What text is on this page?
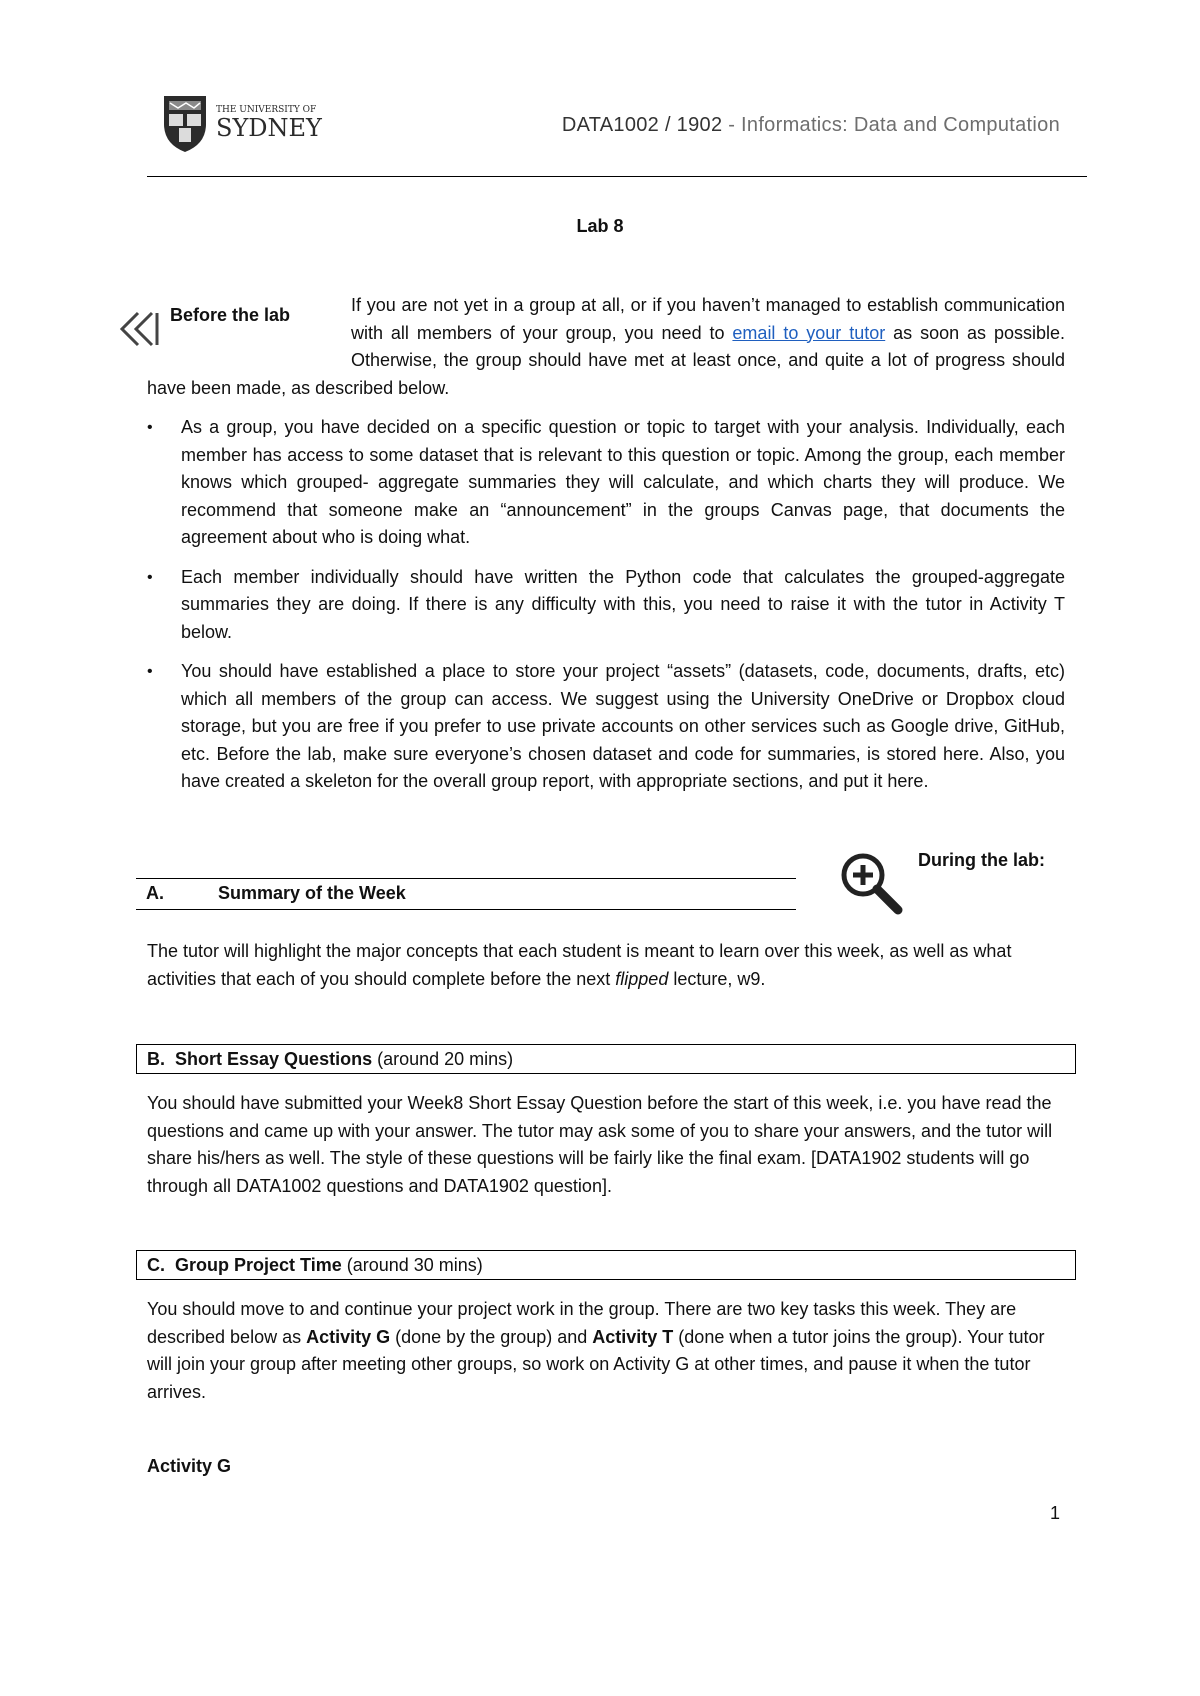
THE UNIVERSITY OF
SYDNEY	DATA1002 / 1902 - Informatics: Data and Computation
Lab 8
Before the lab	If you are not yet in a group at all, or if you haven’t managed to establish communication with all members of your group, you need to email to your tutor as soon as possible. Otherwise, the group should have met at least once, and quite a lot of progress should have been made, as described below.
• As a group, you have decided on a specific question or topic to target with your analysis. Individually, each member has access to some dataset that is relevant to this question or topic. Among the group, each member knows which grouped- aggregate summaries they will calculate, and which charts they will produce. We recommend that someone make an “announcement” in the groups Canvas page, that documents the agreement about who is doing what.
• Each member individually should have written the Python code that calculates the grouped-aggregate summaries they are doing. If there is any difficulty with this, you need to raise it with the tutor in Activity T below.
• You should have established a place to store your project “assets” (datasets, code, documents, drafts, etc) which all members of the group can access. We suggest using the University OneDrive or Dropbox cloud storage, but you are free if you prefer to use private accounts on other services such as Google drive, GitHub, etc. Before the lab, make sure everyone’s chosen dataset and code for summaries, is stored here. Also, you have created a skeleton for the overall group report, with appropriate sections, and put it here.
A.	Summary of the Week
During the lab:
The tutor will highlight the major concepts that each student is meant to learn over this week, as well as what activities that each of you should complete before the next flipped lecture, w9.
B. Short Essay Questions (around 20 mins)
You should have submitted your Week8 Short Essay Question before the start of this week, i.e. you have read the questions and came up with your answer. The tutor may ask some of you to share your answers, and the tutor will share his/hers as well. The style of these questions will be fairly like the final exam. [DATA1902 students will go through all DATA1002 questions and DATA1902 question].
C. Group Project Time (around 30 mins)
You should move to and continue your project work in the group. There are two key tasks this week. They are described below as Activity G (done by the group) and Activity T (done when a tutor joins the group). Your tutor will join your group after meeting other groups, so work on Activity G at other times, and pause it when the tutor arrives.
Activity G
1
